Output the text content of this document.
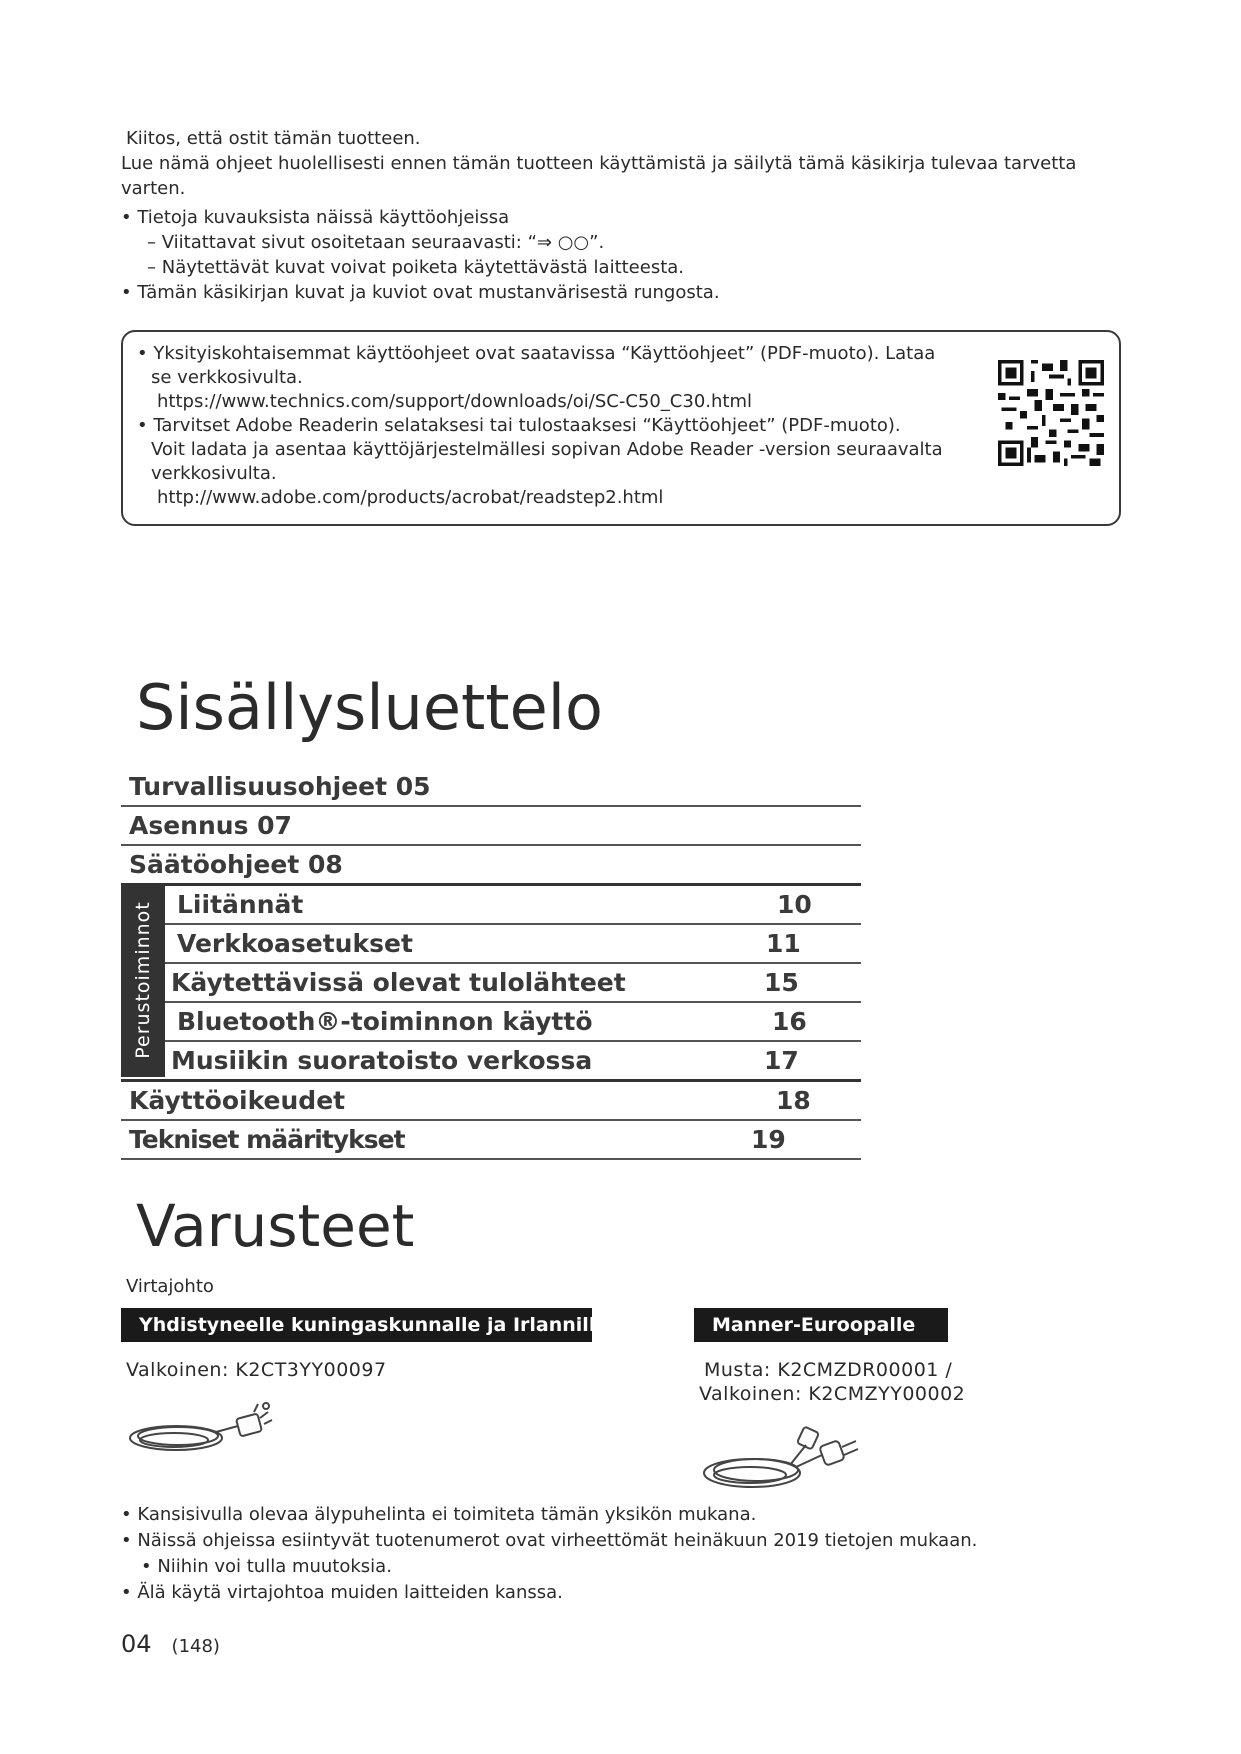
Kiitos, että ostit tämän tuotteen.
Lue nämä ohjeet huolellisesti ennen tämän tuotteen käyttämistä ja säilytä tämä käsikirja tulevaa tarvetta
varten.
• Tietoja kuvauksista näissä käyttöohjeissa
– Viitattavat sivut osoitetaan seuraavasti: “⇒ ○○”.
– Näytettävät kuvat voivat poiketa käytettävästä laitteesta.
• Tämän käsikirjan kuvat ja kuviot ovat mustanvärisestä rungosta.
• Yksityiskohtaisemmat käyttöohjeet ovat saatavissa “Käyttöohjeet” (PDF-muoto). Lataa
se verkkosivulta.
https://www.technics.com/support/downloads/oi/SC-C50_C30.html
• Tarvitset Adobe Readerin selataksesi tai tulostaaksesi “Käyttöohjeet” (PDF-muoto).
Voit ladata ja asentaa käyttöjärjestelmällesi sopivan Adobe Reader -version seuraavalta
verkkosivulta.
http://www.adobe.com/products/acrobat/readstep2.html
Sisällysluettelo
Turvallisuusohjeet 05
Asennus 07
Säätöohjeet 08
Liitännät	10
Verkkoasetukset	11
Käytettävissä olevat tulolähteet	15
Bluetooth®-toiminnon käyttö	16
Musiikin suoratoisto verkossa	17
Käyttöoikeudet	18
Tekniset määritykset	19
Perustoiminnot
Varusteet
Virtajohto
Yhdistyneelle kuningaskunnalle ja Irlannille	Manner-Euroopalle
Valkoinen: K2CT3YY00097	Musta: K2CMZDR00001 /
Valkoinen: K2CMZYY00002
• Kansisivulla olevaa älypuhelinta ei toimiteta tämän yksikön mukana.
• Näissä ohjeissa esiintyvät tuotenumerot ovat virheettömät heinäkuun 2019 tietojen mukaan.
• Niihin voi tulla muutoksia.
• Älä käytä virtajohtoa muiden laitteiden kanssa.
04 (148)
